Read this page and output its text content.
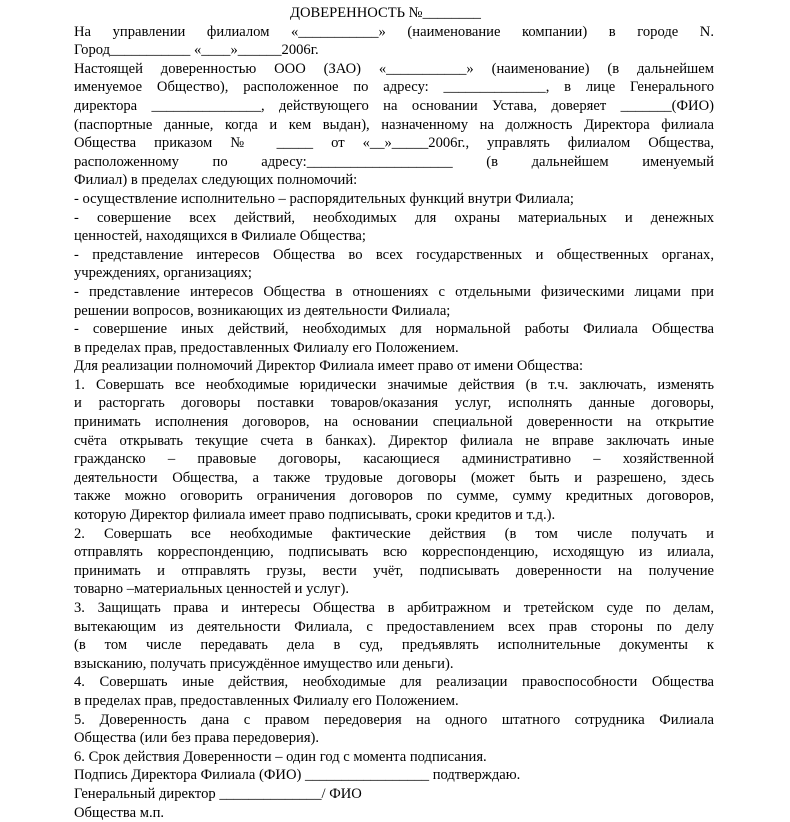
ДОВЕРЕННОСТЬ №________
На управлении филиалом «___________» (наименование компании) в городе N.
Город___________ «____»______2006г.
Настоящей доверенностью ООО (ЗАО) «___________» (наименование) (в дальнейшем
именуемое Общество), расположенное по адресу: ______________, в лице Генерального
директора _______________, действующего на основании Устава, доверяет _______(ФИО)
(паспортные данные, когда и кем выдан), назначенному на должность Директора филиала
Общества приказом № _____ от «__»_____2006г., управлять филиалом Общества,
расположенному по адресу:____________________ (в дальнейшем именуемый
Филиал) в пределах следующих полномочий:
- осуществление исполнительно – распорядительных функций внутри Филиала;
- совершение всех действий, необходимых для охраны материальных и денежных
ценностей, находящихся в Филиале Общества;
- представление интересов Общества во всех государственных и общественных органах,
учреждениях, организациях;
- представление интересов Общества в отношениях с отдельными физическими лицами при
решении вопросов, возникающих из деятельности Филиала;
- совершение иных действий, необходимых для нормальной работы Филиала Общества
в пределах прав, предоставленных Филиалу его Положением.
Для реализации полномочий Директор Филиала имеет право от имени Общества:
1. Совершать все необходимые юридически значимые действия (в т.ч. заключать, изменять
и расторгать договоры поставки товаров/оказания услуг, исполнять данные договоры,
принимать исполнения договоров, на основании специальной доверенности на открытие
счёта открывать текущие счета в банках). Директор филиала не вправе заключать иные
гражданско – правовые договоры, касающиеся административно – хозяйственной
деятельности Общества, а также трудовые договоры (может быть и разрешено, здесь
также можно оговорить ограничения договоров по сумме, сумму кредитных договоров,
которую Директор филиала имеет право подписывать, сроки кредитов и т.д.).
2. Совершать все необходимые фактические действия (в том числе получать и
отправлять корреспонденцию, подписывать всю корреспонденцию, исходящую из илиала,
принимать и отправлять грузы, вести учёт, подписывать доверенности на получение
товарно –материальных ценностей и услуг).
3. Защищать права и интересы Общества в арбитражном и третейском суде по делам,
вытекающим из деятельности Филиала, с предоставлением всех прав стороны по делу
(в том числе передавать дела в суд, предъявлять исполнительные документы к
взысканию, получать присуждённое имущество или деньги).
4. Совершать иные действия, необходимые для реализации правоспособности Общества
в пределах прав, предоставленных Филиалу его Положением.
5. Доверенность дана с правом передоверия на одного штатного сотрудника Филиала
Общества (или без права передоверия).
6. Срок действия Доверенности – один год с момента подписания.
Подпись Директора Филиала (ФИО) _________________ подтверждаю.
Генеральный директор ______________/ ФИО
Общества м.п.
